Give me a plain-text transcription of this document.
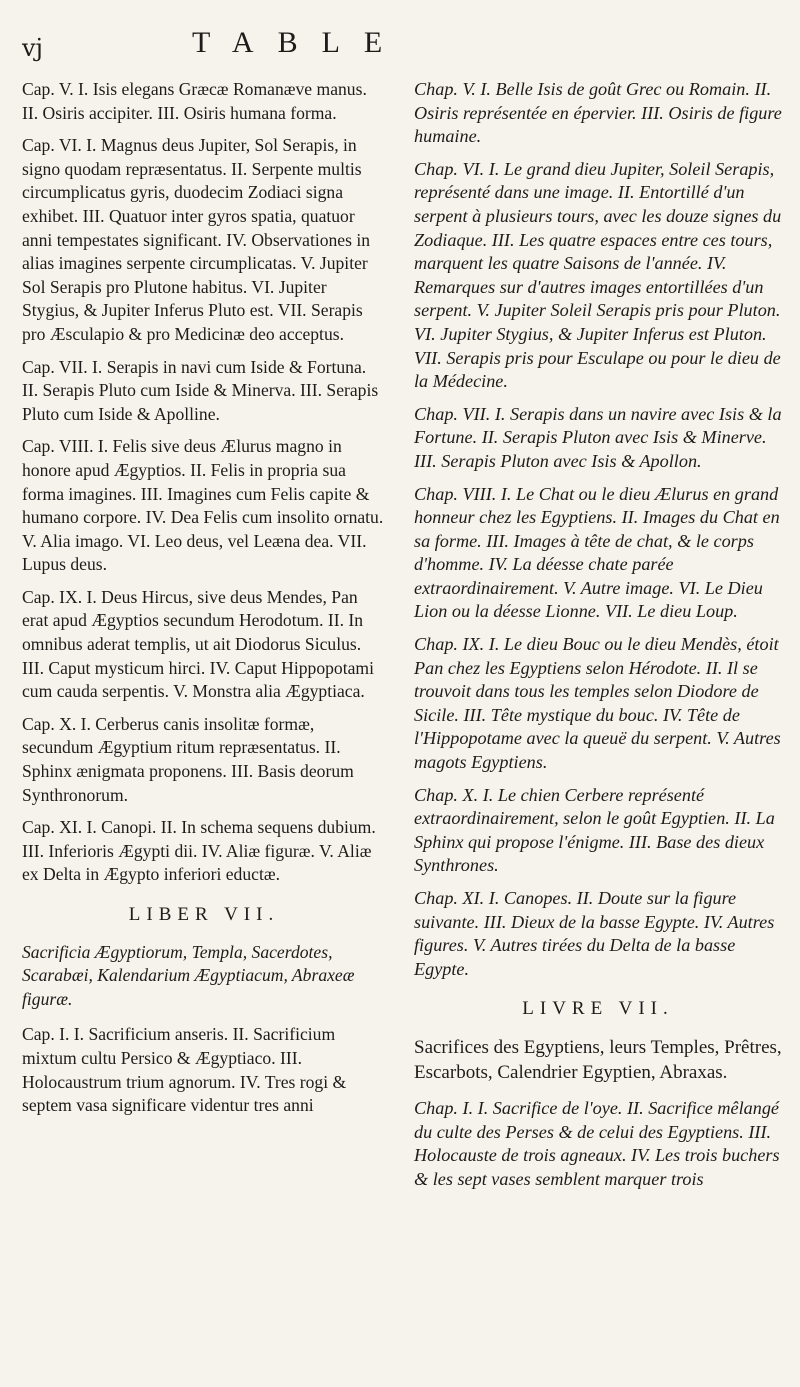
vj	TABLE

Cap. V. I. Isis elegans Græcæ Romanæve manus. II. Osiris accipiter. III. Osiris humana forma.

Cap. VI. I. Magnus deus Jupiter, Sol Serapis, in signo quodam repræsentatus. II. Serpente multis circumplicatus gyris, duodecim Zodiaci signa exhibet. III. Quatuor inter gyros spatia, quatuor anni tempestates significant. IV. Observationes in alias imagines serpente circumplicatas. V. Jupiter Sol Serapis pro Plutone habitus. VI. Jupiter Stygius, & Jupiter Inferus Pluto est. VII. Serapis pro Æsculapio & pro Medicinæ deo acceptus.

Cap. VII. I. Serapis in navi cum Iside & Fortuna. II. Serapis Pluto cum Iside & Minerva. III. Serapis Pluto cum Iside & Apolline.

Cap. VIII. I. Felis sive deus Ælurus magno in honore apud Ægyptios. II. Felis in propria sua forma imagines. III. Imagines cum Felis capite & humano corpore. IV. Dea Felis cum insolito ornatu. V. Alia imago. VI. Leo deus, vel Leæna dea. VII. Lupus deus.

Cap. IX. I. Deus Hircus, sive deus Mendes, Pan erat apud Ægyptios secundum Herodotum. II. In omnibus aderat templis, ut ait Diodorus Siculus. III. Caput mysticum hirci. IV. Caput Hippopotami cum cauda serpentis. V. Monstra alia Ægyptiaca.

Cap. X. I. Cerberus canis insolitæ formæ, secundum Ægyptium ritum repræsentatus. II. Sphinx ænigmata proponens. III. Basis deorum Synthronorum.

Cap. XI. I. Canopi. II. In schema sequens dubium. III. Inferioris Ægypti dii. IV. Aliæ figuræ. V. Aliæ ex Delta in Ægypto inferiori eductæ.

LIBER VII.

Sacrificia Ægyptiorum, Templa, Sacerdotes, Scarabæi, Kalendarium Ægyptiacum, Abraxeæ figuræ.

Cap. I. I. Sacrificium anseris. II. Sacrificium mixtum cultu Persico & Ægyptiaco. III. Holocaustrum trium agnorum. IV. Tres rogi & septem vasa significare videntur tres anni

Chap. V. I. Belle Isis de goût Grec ou Romain. II. Osiris représentée en épervier. III. Osiris de figure humaine.

Chap. VI. I. Le grand dieu Jupiter, Soleil Serapis, représenté dans une image. II. Entortillé d'un serpent à plusieurs tours, avec les douze signes du Zodiaque. III. Les quatre espaces entre ces tours, marquent les quatre Saisons de l'année. IV. Remarques sur d'autres images entortillées d'un serpent. V. Jupiter Soleil Serapis pris pour Pluton. VI. Jupiter Stygius, & Jupiter Inferus est Pluton. VII. Serapis pris pour Esculape ou pour le dieu de la Médecine.

Chap. VII. I. Serapis dans un navire avec Isis & la Fortune. II. Serapis Pluton avec Isis & Minerve. III. Serapis Pluton avec Isis & Apollon.

Chap. VIII. I. Le Chat ou le dieu Ælurus en grand honneur chez les Egyptiens. II. Images du Chat en sa forme. III. Images à tête de chat, & le corps d'homme. IV. La déesse chate parée extraordinairement. V. Autre image. VI. Le Dieu Lion ou la déesse Lionne. VII. Le dieu Loup.

Chap. IX. I. Le dieu Bouc ou le dieu Mendès, étoit Pan chez les Egyptiens selon Hérodote. II. Il se trouvoit dans tous les temples selon Diodore de Sicile. III. Tête mystique du bouc. IV. Tête de l'Hippopotame avec la queuë du serpent. V. Autres magots Egyptiens.

Chap. X. I. Le chien Cerbere représenté extraordinairement, selon le goût Egyptien. II. La Sphinx qui propose l'énigme. III. Base des dieux Synthrones.

Chap. XI. I. Canopes. II. Doute sur la figure suivante. III. Dieux de la basse Egypte. IV. Autres figures. V. Autres tirées du Delta de la basse Egypte.

LIVRE VII.

Sacrifices des Egyptiens, leurs Temples, Prêtres, Escarbots, Calendrier Egyptien, Abraxas.

Chap. I. I. Sacrifice de l'oye. II. Sacrifice mêlangé du culte des Perses & de celui des Egyptiens. III. Holocauste de trois agneaux. IV. Les trois buchers & les sept vases semblent marquer trois
